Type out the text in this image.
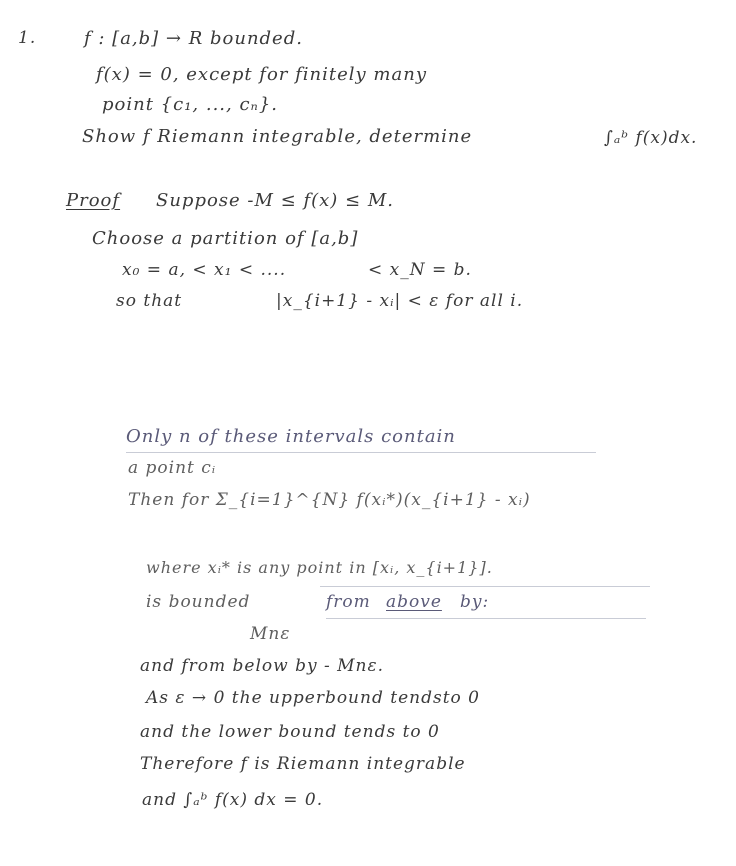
1.	f : [a,b] → R bounded.
f(x) = 0, except for finitely many
point {c₁, ..., cₙ}.
Show f Riemann integrable, determine	∫ₐᵇ f(x)dx.
Proof Suppose -M ≤ f(x) ≤ M.
Choose a partition of [a,b]
x₀ = a, < x₁ < ....	< x_N = b.
so that	|x_{i+1} - xᵢ| < ε for all i.
Only n of these intervals contain
a point cᵢ
Then for Σ_{i=1}^{N} f(xᵢ*)(x_{i+1} - xᵢ)
where xᵢ* is any point in [xᵢ, x_{i+1}].
is bounded	from above by:
Mnε
and from below by - Mnε.
As ε → 0 the upperbound tendsto 0
and the lower bound tends to 0
Therefore f is Riemann integrable
and ∫ₐᵇ f(x) dx = 0.
